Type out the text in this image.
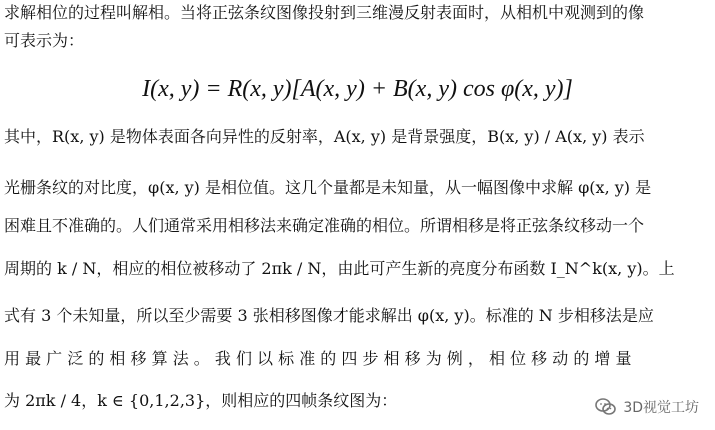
求解相位的过程叫解相。当将正弦条纹图像投射到三维漫反射表面时，从相机中观测到的像
可表示为：
I(x, y) = R(x, y)[A(x, y) + B(x, y) cos φ(x, y)]
其中，R(x, y) 是物体表面各向异性的反射率，A(x, y) 是背景强度，B(x, y) / A(x, y) 表示
光栅条纹的对比度，φ(x, y) 是相位值。这几个量都是未知量，从一幅图像中求解 φ(x, y) 是
困难且不准确的。人们通常采用相移法来确定准确的相位。所谓相移是将正弦条纹移动一个
周期的 k / N，相应的相位被移动了 2πk / N，由此可产生新的亮度分布函数 I_N^k(x, y)。上
式有 3 个未知量，所以至少需要 3 张相移图像才能求解出 φ(x, y)。标准的 N 步相移法是应
用 最 广 泛 的 相 移 算 法 。 我 们 以 标 准 的 四 步 相 移 为 例 ， 相 位 移 动 的 增 量
为 2πk / 4，k ∈ {0,1,2,3}，则相应的四帧条纹图为：	3D视觉工坊
